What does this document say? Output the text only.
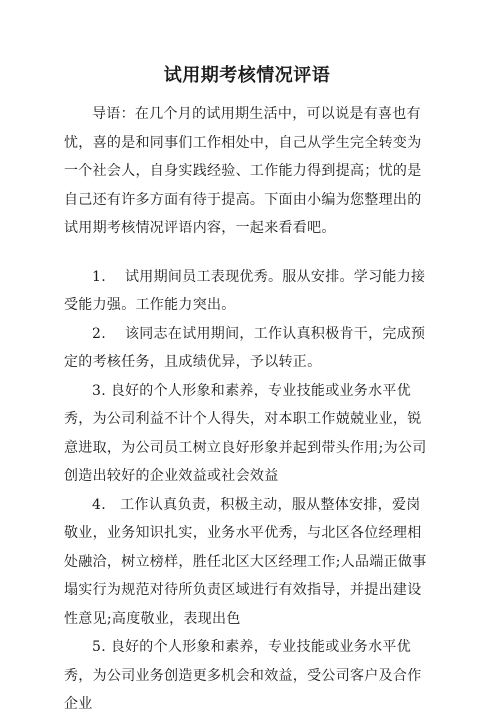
试用期考核情况评语

导语：在几个月的试用期生活中，可以说是有喜也有忧，喜的是和同事们工作相处中，自己从学生完全转变为一个社会人，自身实践经验、工作能力得到提高；忧的是自己还有许多方面有待于提高。下面由小编为您整理出的试用期考核情况评语内容，一起来看看吧。

1.　 试用期间员工表现优秀。服从安排。学习能力接受能力强。工作能力突出。

2.　 该同志在试用期间，工作认真积极肯干，完成预定的考核任务，且成绩优异，予以转正。

3. 良好的个人形象和素养，专业技能或业务水平优秀，为公司利益不计个人得失，对本职工作兢兢业业，锐意进取，为公司员工树立良好形象并起到带头作用;为公司创造出较好的企业效益或社会效益

4.　工作认真负责，积极主动，服从整体安排，爱岗敬业，业务知识扎实，业务水平优秀，与北区各位经理相处融洽，树立榜样，胜任北区大区经理工作;人品端正做事塌实行为规范对待所负责区域进行有效指导，并提出建设性意见;高度敬业，表现出色

5. 良好的个人形象和素养，专业技能或业务水平优秀，为公司业务创造更多机会和效益，受公司客户及合作企业
